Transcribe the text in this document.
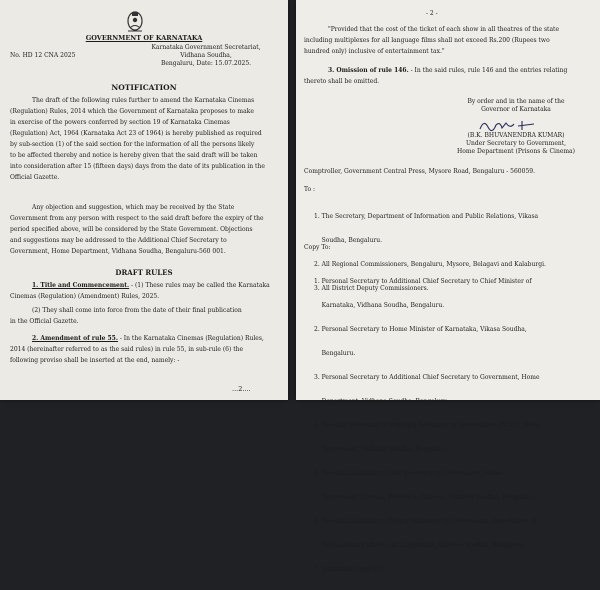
GOVERNMENT OF KARNATAKA
No. HD 12 CNA 2025
Karnataka Government Secretariat,
Vidhana Soudha,
Bengaluru, Date: 15.07.2025.
NOTIFICATION
The draft of the following rules further to amend the Karnataka Cinemas
(Regulation) Rules, 2014 which the Government of Karnataka proposes to make
in exercise of the powers conferred by section 19 of Karnataka Cinemas
(Regulation) Act, 1964 (Karnataka Act 23 of 1964) is hereby published as required
by sub-section (1) of the said section for the information of all the persons likely
to be affected thereby and notice is hereby given that the said draft will be taken
into consideration after 15 (fifteen days) days from the date of its publication in the
Official Gazette.
Any objection and suggestion, which may be received by the State
Government from any person with respect to the said draft before the expiry of the
period specified above, will be considered by the State Government. Objections
and suggestions may be addressed to the Additional Chief Secretary to
Government, Home Department, Vidhana Soudha, Bengaluru-560 001.
DRAFT RULES
1. Title and Commencement. - (1) These rules may be called the Karnataka
Cinemas (Regulation) (Amendment) Rules, 2025.
(2) They shall come into force from the date of their final publication
in the Official Gazette.
2. Amendment of rule 55. - In the Karnataka Cinemas (Regulation) Rules,
2014 (hereinafter referred to as the said rules) in rule 55, in sub-rule (6) the
following proviso shall be inserted at the end, namely: -
...2....
- 2 -
"Provided that the cost of the ticket of each show in all theatres of the state
including multiplexes for all language films shall not exceed Rs.200 (Rupees two
hundred only) inclusive of entertainment tax."
3. Omission of rule 146. - In the said rules, rule 146 and the entries relating
thereto shall be omitted.
By order and in the name of the
Governor of Karnataka
(B.K. BHUVANENDRA KUMAR)
Under Secretary to Government,
Home Department (Prisons & Cinema)
Comptroller, Government Central Press, Mysore Road, Bengaluru - 560059.
To :

1. The Secretary, Department of Information and Public Relations, Vikasa

Soudha, Bengaluru.

2. All Regional Commissioners, Bengaluru, Mysore, Belagavi and Kalaburgi.

3. All District Deputy Commissioners.

Copy To:

1. Personal Secretary to Additional Chief Secretary to Chief Minister of

Karnataka, Vidhana Soudha, Bengaluru.

2. Personal Secretary to Home Minister of Karnataka, Vikasa Soudha,

Bengaluru.

3. Personal Secretary to Additional Chief Secretary to Government, Home

Department, Vidhana Soudha, Bengaluru.

4. Personal Secretary to Principal Secretary to Government (PCAS), Home

Department, Vidhana Soudha, Bengaluru.

5. Personal Assistant to Joint Secretary to Government, Home

Department (Crimes, Prisons & Cinema), Vidhana Soudha, Bengaluru.

6. Personal Assistant to Deputy Secretary to Government, Department of

Parliamentary affairs and Legislation, Vidhana Soudha, Bengaluru.

7. Additional Copy/SGF.
